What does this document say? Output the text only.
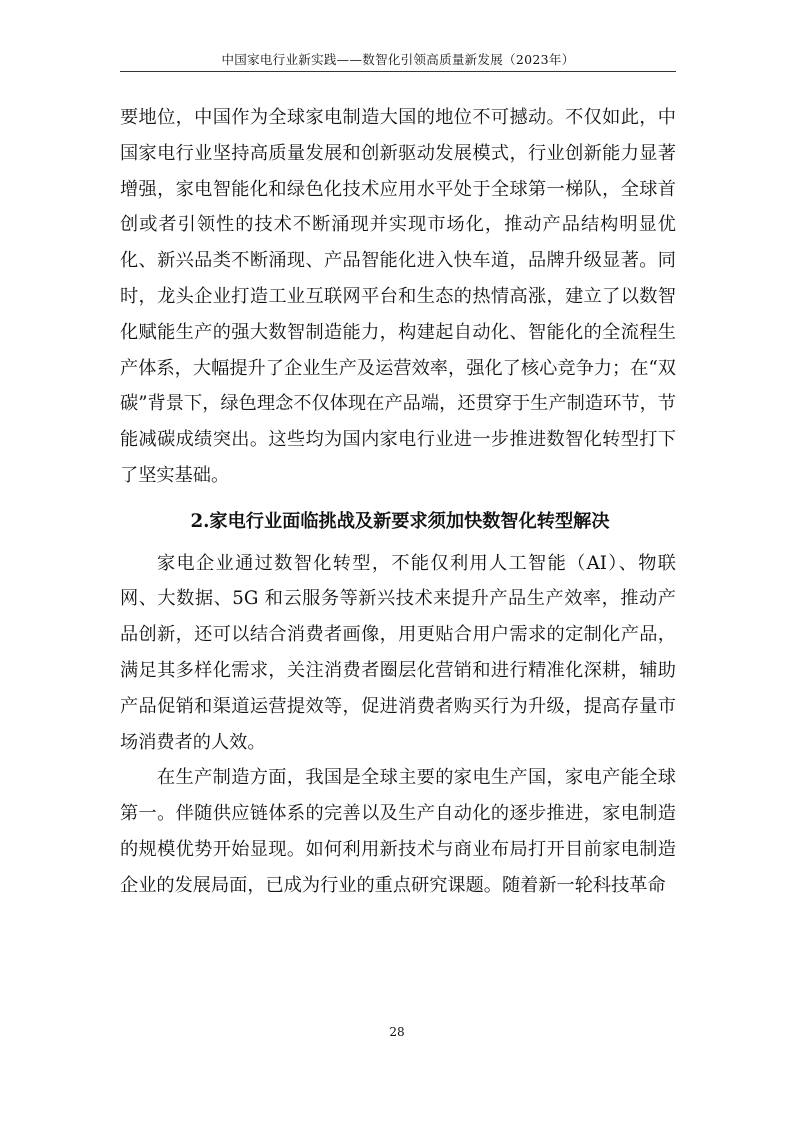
中国家电行业新实践——数智化引领高质量新发展（2023年）

要地位，中国作为全球家电制造大国的地位不可撼动。不仅如此，中国家电行业坚持高质量发展和创新驱动发展模式，行业创新能力显著增强，家电智能化和绿色化技术应用水平处于全球第一梯队，全球首创或者引领性的技术不断涌现并实现市场化，推动产品结构明显优化、新兴品类不断涌现、产品智能化进入快车道，品牌升级显著。同时，龙头企业打造工业互联网平台和生态的热情高涨，建立了以数智化赋能生产的强大数智制造能力，构建起自动化、智能化的全流程生产体系，大幅提升了企业生产及运营效率，强化了核心竞争力；在“双碳”背景下，绿色理念不仅体现在产品端，还贯穿于生产制造环节，节能减碳成绩突出。这些均为国内家电行业进一步推进数智化转型打下了坚实基础。

2.家电行业面临挑战及新要求须加快数智化转型解决

家电企业通过数智化转型，不能仅利用人工智能（AI）、物联网、大数据、5G 和云服务等新兴技术来提升产品生产效率，推动产品创新，还可以结合消费者画像，用更贴合用户需求的定制化产品，满足其多样化需求，关注消费者圈层化营销和进行精准化深耕，辅助产品促销和渠道运营提效等，促进消费者购买行为升级，提高存量市场消费者的人效。

在生产制造方面，我国是全球主要的家电生产国，家电产能全球第一。伴随供应链体系的完善以及生产自动化的逐步推进，家电制造的规模优势开始显现。如何利用新技术与商业布局打开目前家电制造企业的发展局面，已成为行业的重点研究课题。随着新一轮科技革命

28
